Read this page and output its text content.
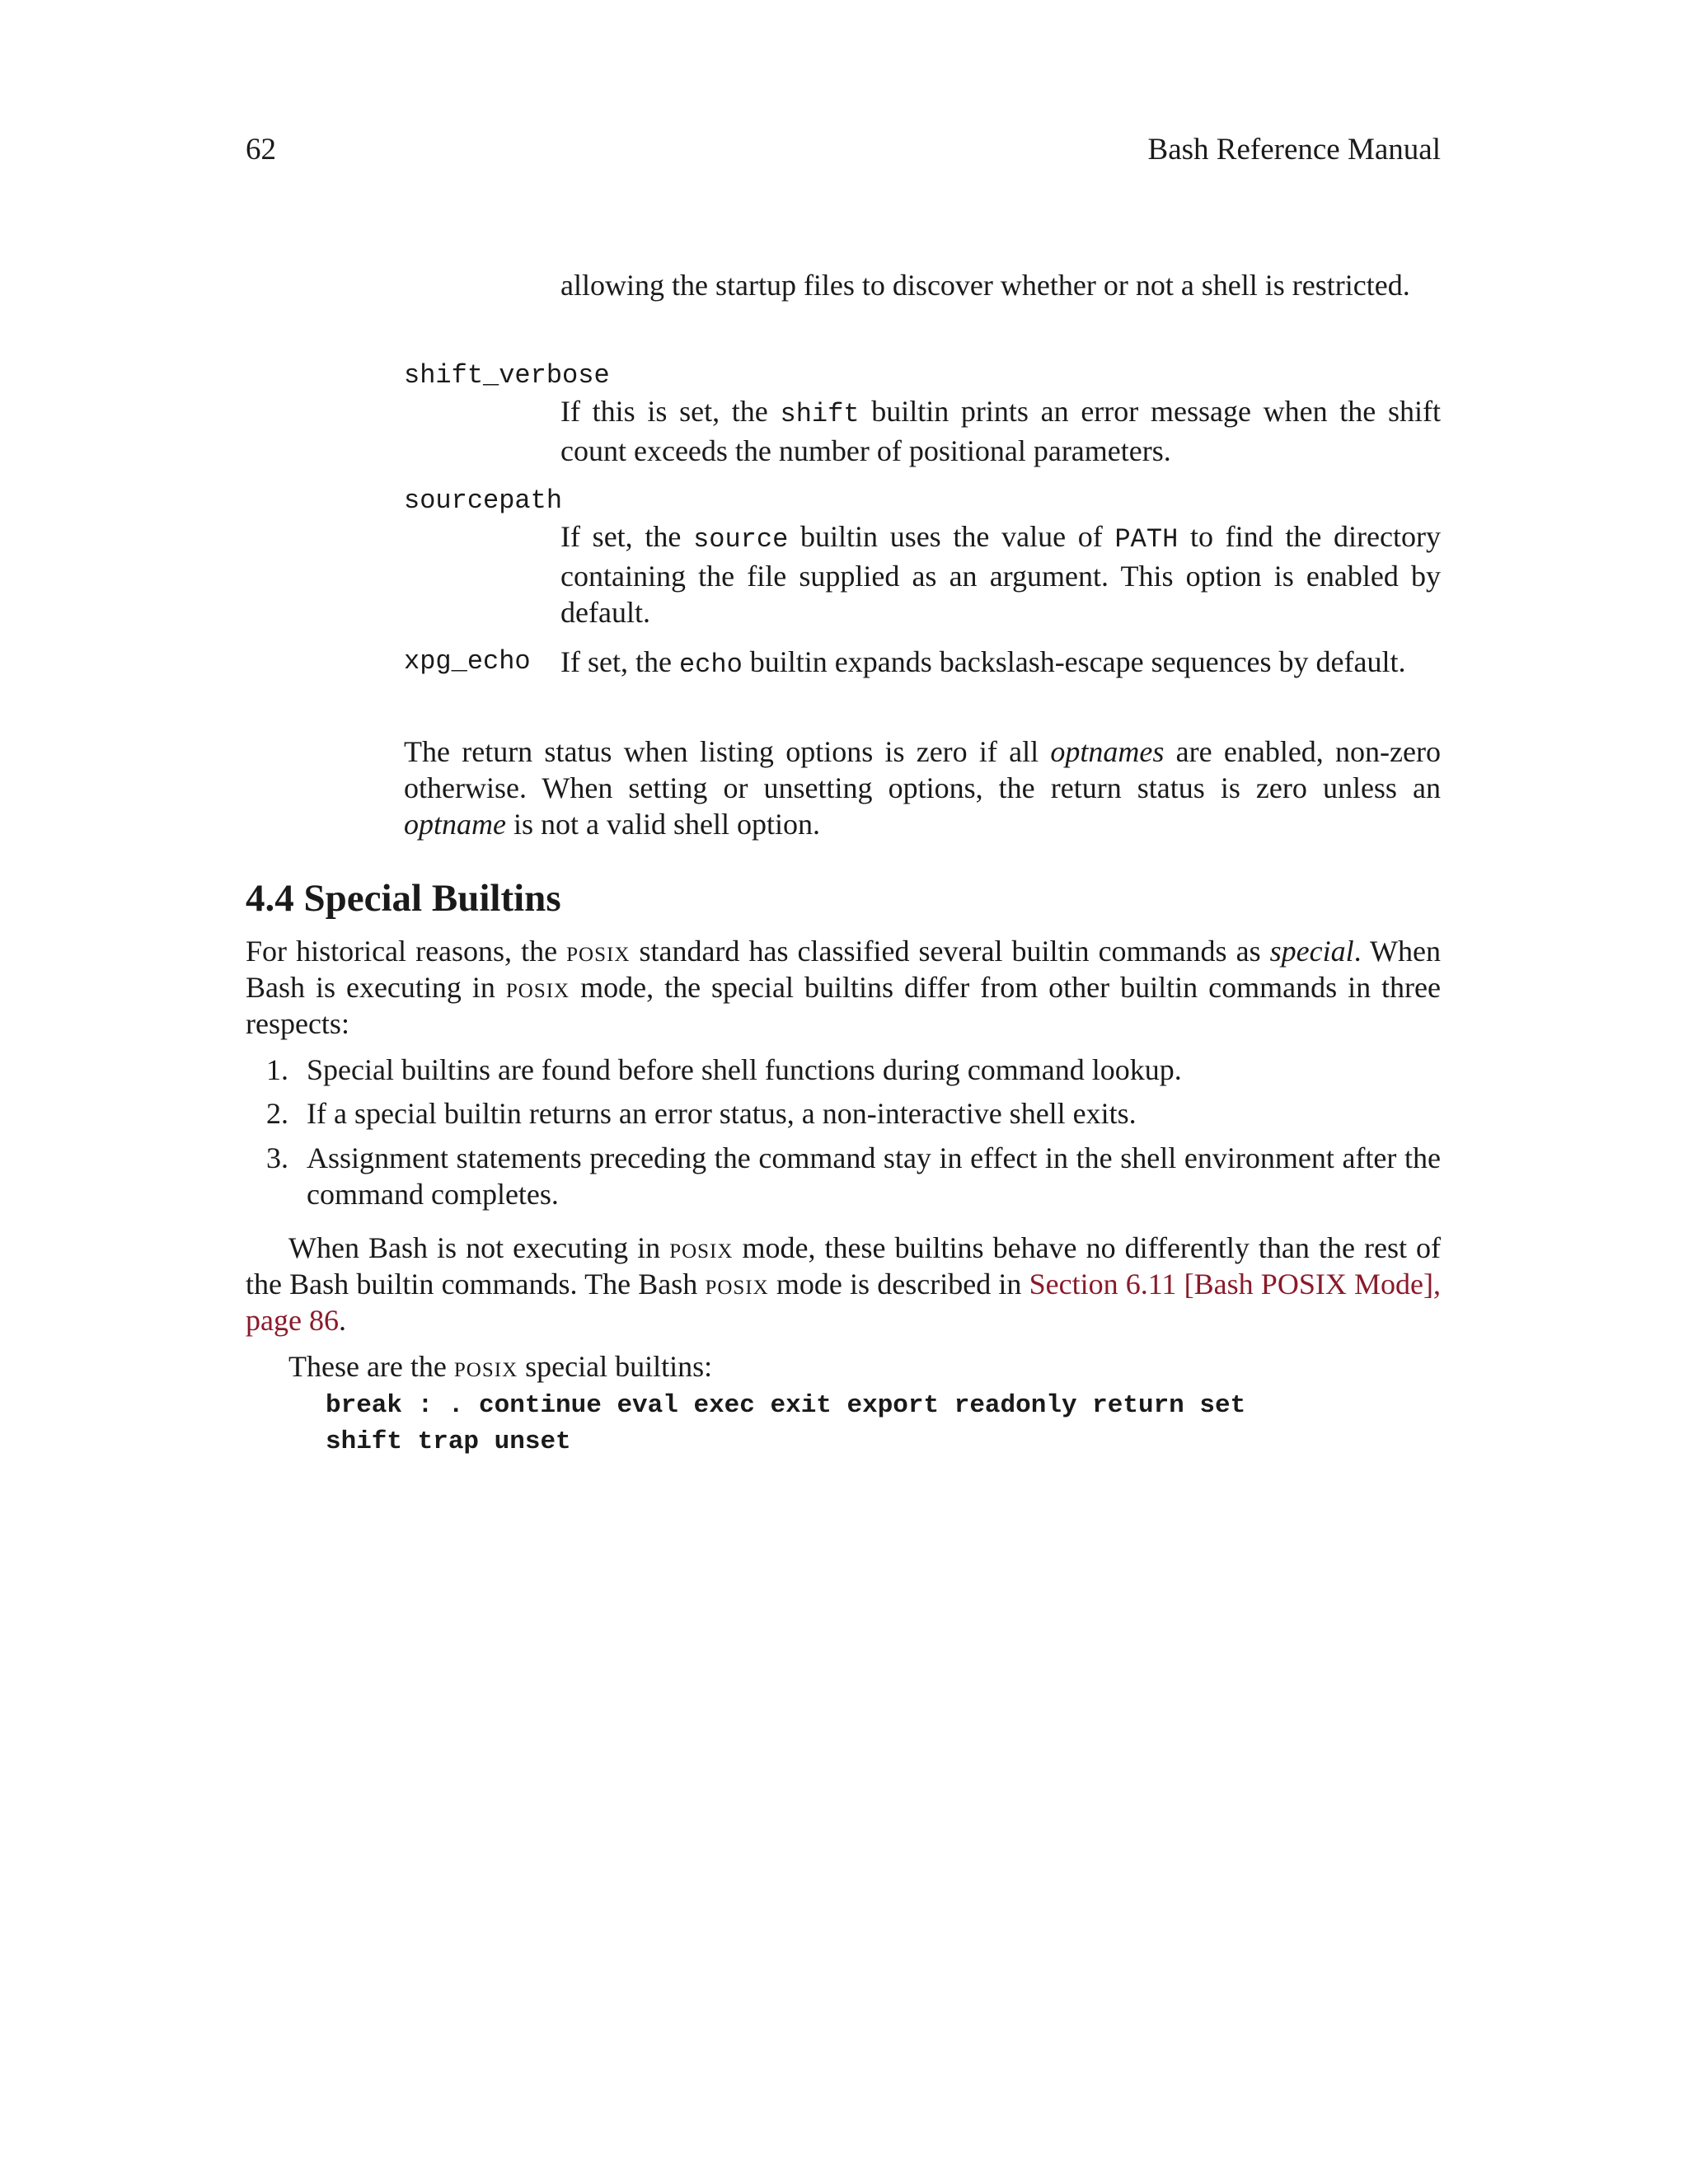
62	Bash Reference Manual
allowing the startup files to discover whether or not a shell is restricted.
shift_verbose
If this is set, the shift builtin prints an error message when the shift count exceeds the number of positional parameters.
sourcepath
If set, the source builtin uses the value of PATH to find the directory containing the file supplied as an argument. This option is enabled by default.
xpg_echo If set, the echo builtin expands backslash-escape sequences by default.
The return status when listing options is zero if all optnames are enabled, non-zero otherwise. When setting or unsetting options, the return status is zero unless an optname is not a valid shell option.
4.4 Special Builtins
For historical reasons, the posix standard has classified several builtin commands as special. When Bash is executing in posix mode, the special builtins differ from other builtin commands in three respects:
1. Special builtins are found before shell functions during command lookup.
2. If a special builtin returns an error status, a non-interactive shell exits.
3. Assignment statements preceding the command stay in effect in the shell environment after the command completes.
When Bash is not executing in posix mode, these builtins behave no differently than the rest of the Bash builtin commands. The Bash posix mode is described in Section 6.11 [Bash POSIX Mode], page 86.
These are the posix special builtins:
break : . continue eval exec exit export readonly return set
shift trap unset
